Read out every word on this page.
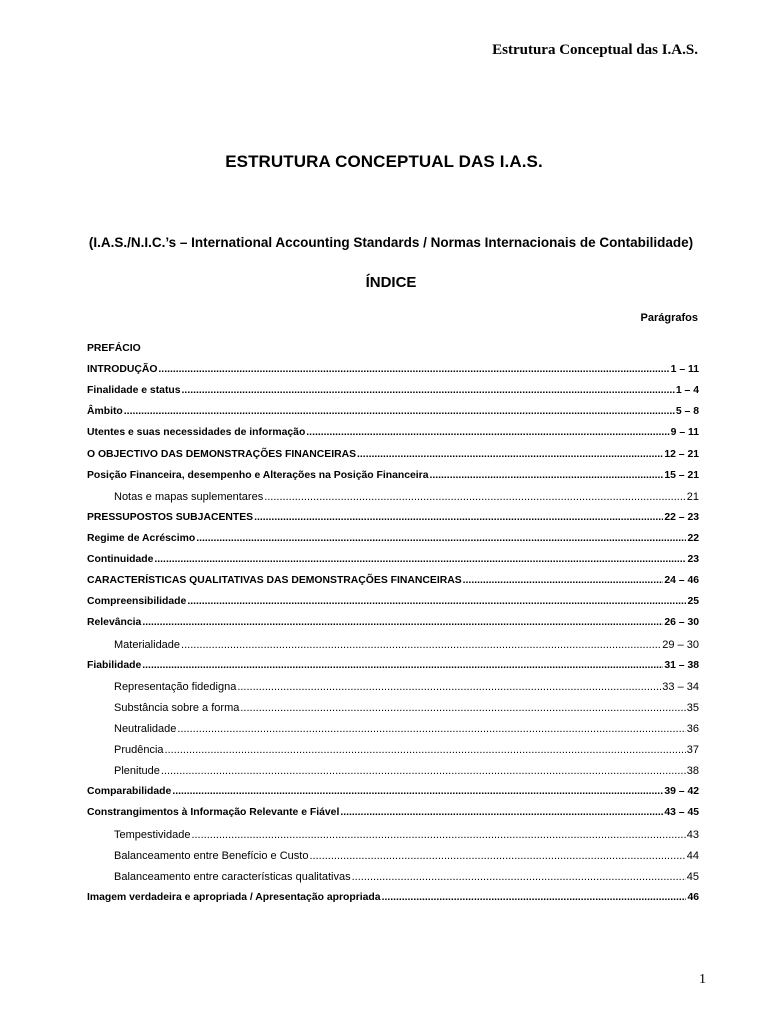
Estrutura Conceptual das I.A.S.
ESTRUTURA CONCEPTUAL DAS I.A.S.
(I.A.S./N.I.C.’s – International Accounting Standards / Normas Internacionais de Contabilidade)
ÍNDICE
Parágrafos
PREFÁCIO
INTRODUÇÃO .....	1 – 11
Finalidade e status .....	1 – 4
Âmbito .....	5 – 8
Utentes e suas necessidades de informação .....	9 – 11
O OBJECTIVO DAS DEMONSTRAÇÕES FINANCEIRAS .....	12 – 21
Posição Financeira, desempenho e Alterações na Posição Financeira .....	15 – 21
Notas e mapas suplementares .....	21
PRESSUPOSTOS SUBJACENTES .....	22 – 23
Regime de Acréscimo .....	22
Continuidade .....	23
CARACTERÍSTICAS QUALITATIVAS DAS DEMONSTRAÇÕES FINANCEIRAS .....	24 – 46
Compreensibilidade .....	25
Relevância .....	26 – 30
Materialidade .....	29 – 30
Fiabilidade .....	31 – 38
Representação fidedigna .....	33 – 34
Substância sobre a forma .....	35
Neutralidade .....	36
Prudência .....	37
Plenitude .....	38
Comparabilidade .....	39 – 42
Constrangimentos à Informação Relevante e Fiável .....	43 – 45
Tempestividade .....	43
Balanceamento entre Benefício e Custo .....	44
Balanceamento entre características qualitativas .....	45
Imagem verdadeira e apropriada / Apresentação apropriada .....	46
1
